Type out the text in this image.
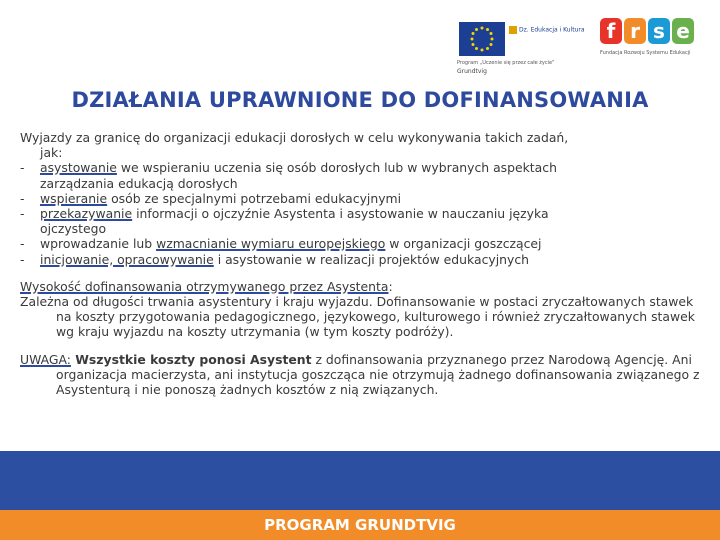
Dz. Edukacja i Kultura
Program „Uczenie się przez całe życie"
Grundtvig
f r s e
Fundacja Rozwoju Systemu Edukacji
DZIAŁANIA UPRAWNIONE DO DOFINANSOWANIA
Wyjazdy za granicę do organizacji edukacji dorosłych w celu wykonywania takich zadań,
jak:
- asystowanie we wspieraniu uczenia się osób dorosłych lub w wybranych aspektach
zarządzania edukacją dorosłych
- wspieranie osób ze specjalnymi potrzebami edukacyjnymi
- przekazywanie informacji o ojczyźnie Asystenta i asystowanie w nauczaniu języka
ojczystego
- wprowadzanie lub wzmacnianie wymiaru europejskiego w organizacji goszczącej
- inicjowanie, opracowywanie i asystowanie w realizacji projektów edukacyjnych
Wysokość dofinansowania otrzymywanego przez Asystenta:
Zależna od długości trwania asystentury i kraju wyjazdu. Dofinansowanie w postaci zryczałtowanych stawek na koszty przygotowania pedagogicznego, językowego, kulturowego i również zryczałtowanych stawek wg kraju wyjazdu na koszty utrzymania (w tym koszty podróży).
UWAGA: Wszystkie koszty ponosi Asystent z dofinansowania przyznanego przez Narodową Agencję. Ani organizacja macierzysta, ani instytucja goszcząca nie otrzymują żadnego dofinansowania związanego z Asystenturą i nie ponoszą żadnych kosztów z nią związanych.
PROGRAM GRUNDTVIG
